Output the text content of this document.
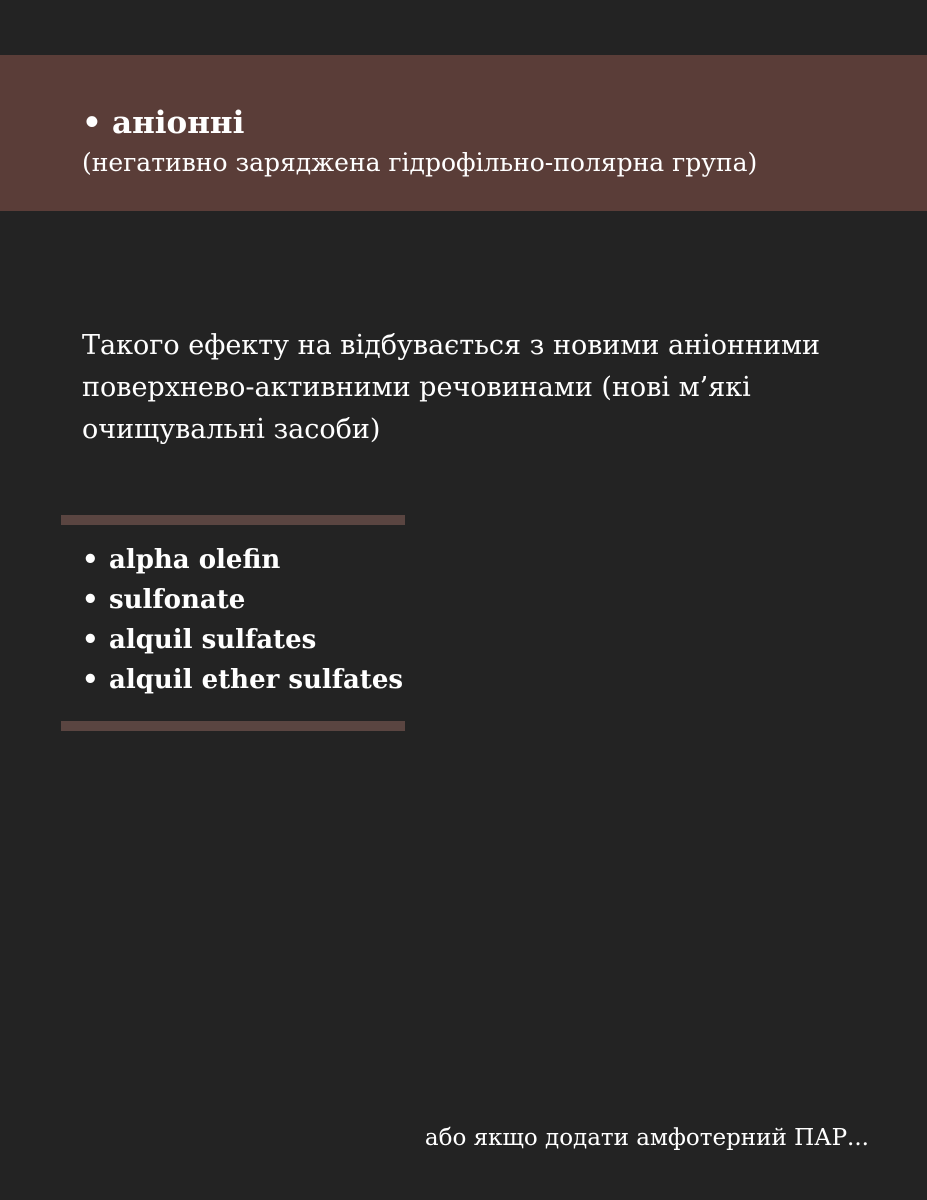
• аніонні
(негативно заряджена гідрофільно-полярна група)
Такого ефекту на відбувається з новими аніонними поверхнево-активними речовинами (нові м’які очищувальні засоби)
• alpha olefin
• sulfonate
• alquil sulfates
• alquil ether sulfates
або якщо додати амфотерний ПАР...
